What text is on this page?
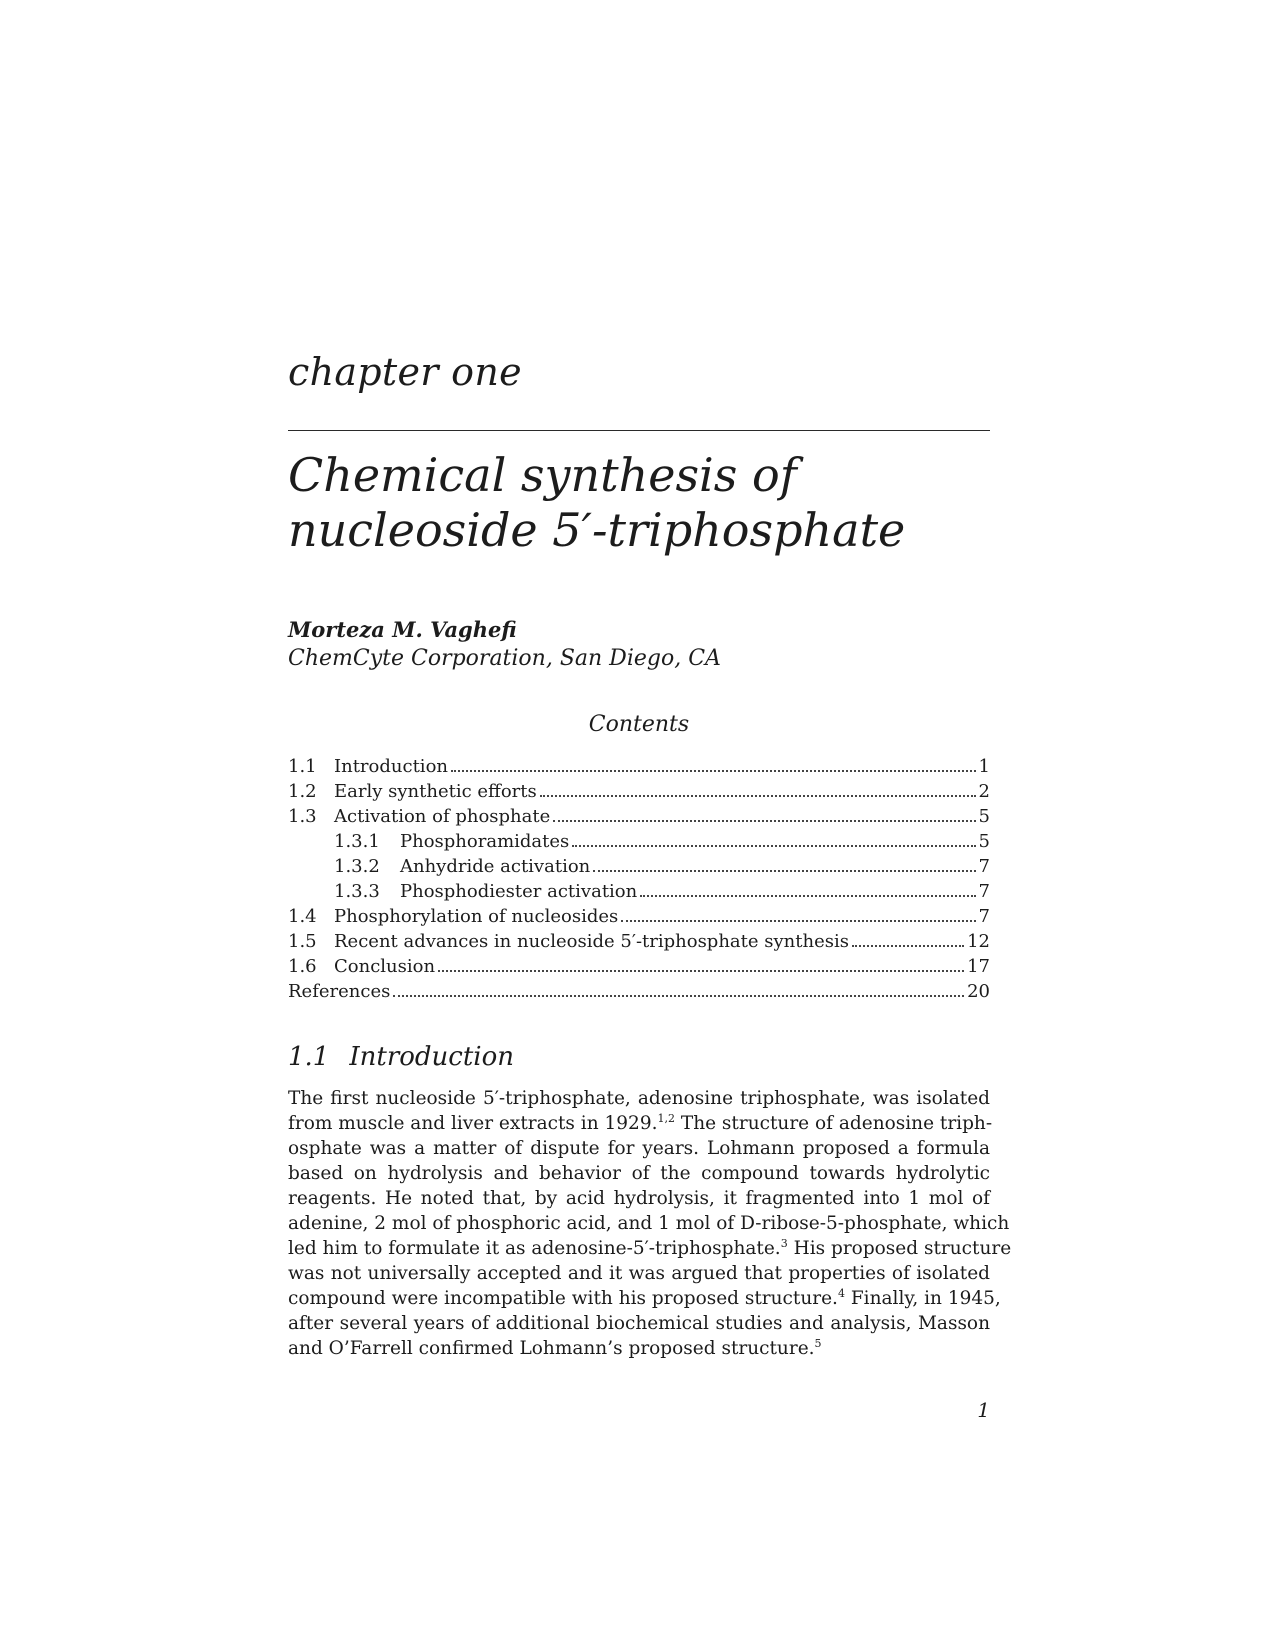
chapter one
Chemical synthesis of
nucleoside 5′-triphosphate
Morteza M. Vaghefi
ChemCyte Corporation, San Diego, CA
Contents
1.1 Introduction	1
1.2 Early synthetic efforts	2
1.3 Activation of phosphate	5
1.3.1	Phosphoramidates	5
1.3.2	Anhydride activation	7
1.3.3	Phosphodiester activation	7
1.4 Phosphorylation of nucleosides	7
1.5 Recent advances in nucleoside 5′-triphosphate synthesis	12
1.6 Conclusion	17
References	20
1.1 Introduction
The first nucleoside 5′-triphosphate, adenosine triphosphate, was isolated
from muscle and liver extracts in 1929.$^{1,2}$ The structure of adenosine triph-
osphate was a matter of dispute for years. Lohmann proposed a formula
based on hydrolysis and behavior of the compound towards hydrolytic
reagents. He noted that, by acid hydrolysis, it fragmented into 1 mol of
adenine, 2 mol of phosphoric acid, and 1 mol of D-ribose-5-phosphate, which
led him to formulate it as adenosine-5′-triphosphate.$^3$ His proposed structure
was not universally accepted and it was argued that properties of isolated
compound were incompatible with his proposed structure.$^4$ Finally, in 1945,
after several years of additional biochemical studies and analysis, Masson
and O’Farrell confirmed Lohmann’s proposed structure.$^5$
1
